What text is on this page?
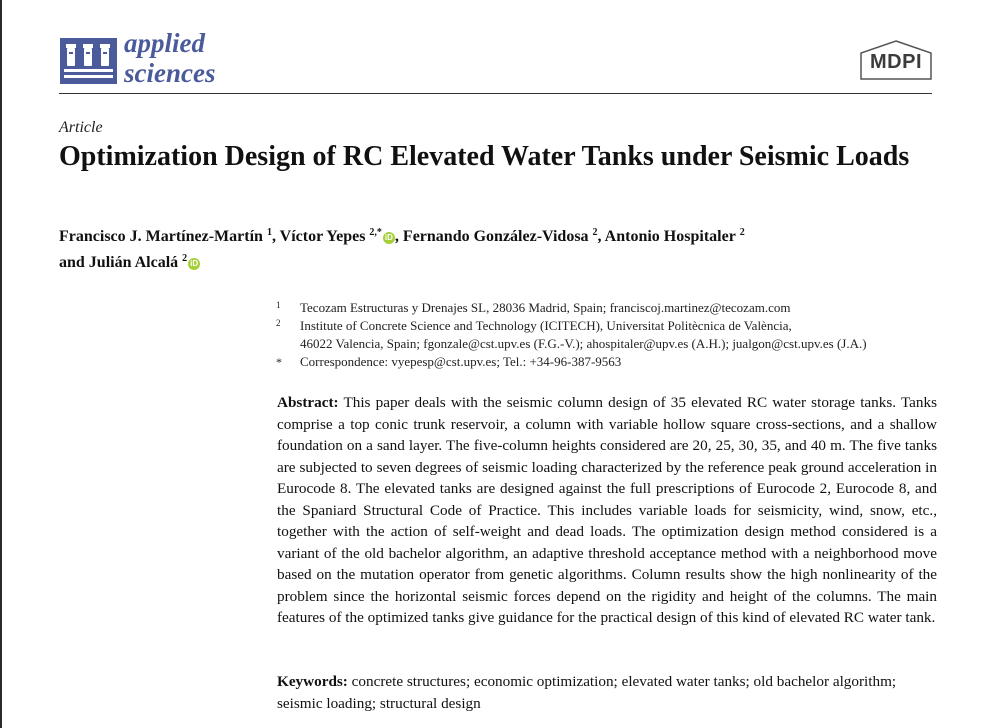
applied
sciences	MDPI
Article
Optimization Design of RC Elevated Water Tanks under Seismic Loads
Francisco J. Martínez-Martín $^1$, Víctor Yepes $^{2,*}$ iD , Fernando González-Vidosa $^2$, Antonio Hospitaler $^2$
and Julián Alcalá $^2$ iD
1 Tecozam Estructuras y Drenajes SL, 28036 Madrid, Spain; franciscoj.martinez@tecozam.com
2 Institute of Concrete Science and Technology (ICITECH), Universitat Politècnica de València,
46022 Valencia, Spain; fgonzale@cst.upv.es (F.G.-V.); ahospitaler@upv.es (A.H.); jualgon@cst.upv.es (J.A.)
* Correspondence: vyepesp@cst.upv.es; Tel.: +34-96-387-9563

Abstract: This paper deals with the seismic column design of 35 elevated RC water storage tanks. Tanks comprise a top conic trunk reservoir, a column with variable hollow square cross-sections, and a shallow foundation on a sand layer. The five-column heights considered are 20, 25, 30, 35, and 40 m. The five tanks are subjected to seven degrees of seismic loading characterized by the reference peak ground acceleration in Eurocode 8. The elevated tanks are designed against the full prescriptions of Eurocode 2, Eurocode 8, and the Spaniard Structural Code of Practice. This includes variable loads for seismicity, wind, snow, etc., together with the action of self-weight and dead loads. The optimization design method considered is a variant of the old bachelor algorithm, an adaptive threshold acceptance method with a neighborhood move based on the mutation operator from genetic algorithms. Column results show the high nonlinearity of the problem since the horizontal seismic forces depend on the rigidity and height of the columns. The main features of the optimized tanks give guidance for the practical design of this kind of elevated RC water tank.

Keywords: concrete structures; economic optimization; elevated water tanks; old bachelor algorithm; seismic loading; structural design
